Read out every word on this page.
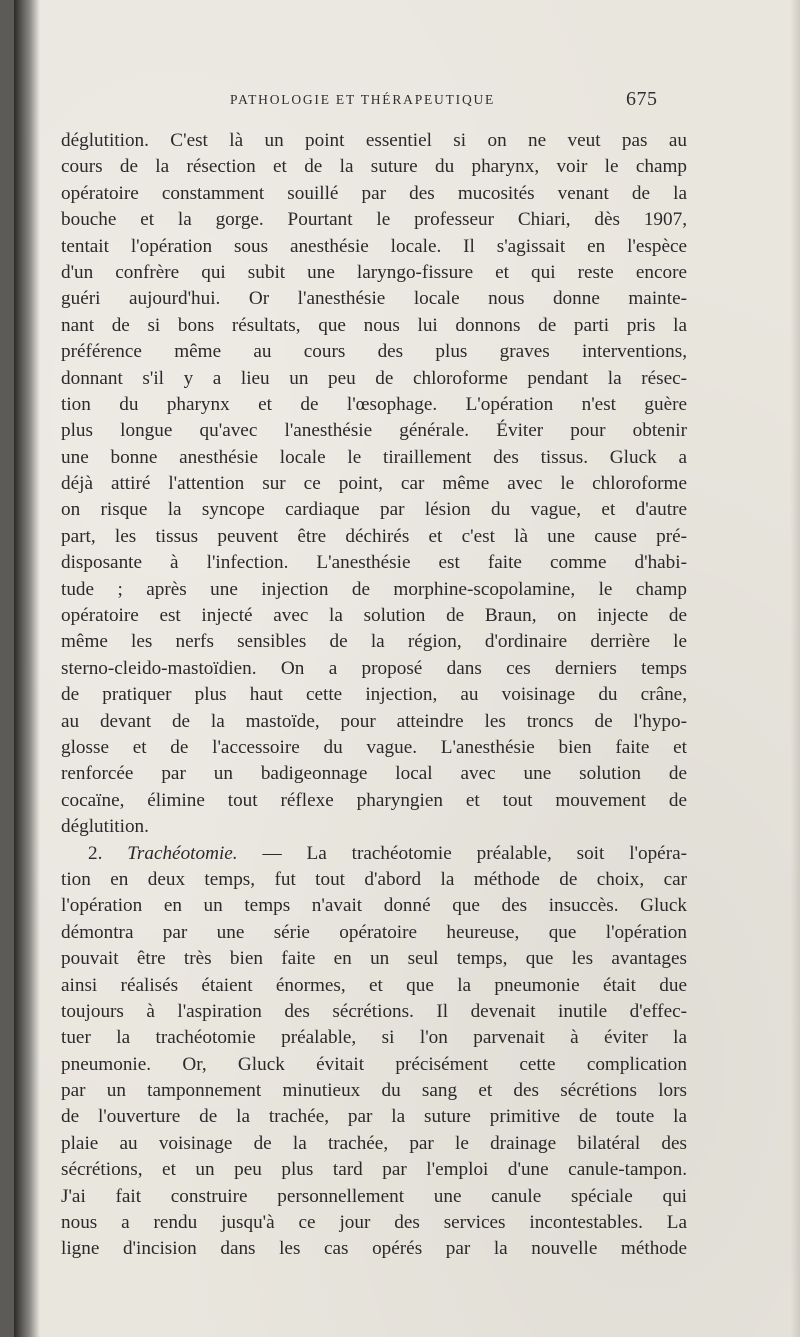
PATHOLOGIE ET THÉRAPEUTIQUE	675
déglutition. C'est là un point essentiel si on ne veut pas au
cours de la résection et de la suture du pharynx, voir le champ
opératoire constamment souillé par des mucosités venant de la
bouche et la gorge. Pourtant le professeur Chiari, dès 1907,
tentait l'opération sous anesthésie locale. Il s'agissait en l'espèce
d'un confrère qui subit une laryngo-fissure et qui reste encore
guéri aujourd'hui. Or l'anesthésie locale nous donne mainte-
nant de si bons résultats, que nous lui donnons de parti pris la
préférence même au cours des plus graves interventions,
donnant s'il y a lieu un peu de chloroforme pendant la résec-
tion du pharynx et de l'œsophage. L'opération n'est guère
plus longue qu'avec l'anesthésie générale. Éviter pour obtenir
une bonne anesthésie locale le tiraillement des tissus. Gluck a
déjà attiré l'attention sur ce point, car même avec le chloroforme
on risque la syncope cardiaque par lésion du vague, et d'autre
part, les tissus peuvent être déchirés et c'est là une cause pré-
disposante à l'infection. L'anesthésie est faite comme d'habi-
tude ; après une injection de morphine-scopolamine, le champ
opératoire est injecté avec la solution de Braun, on injecte de
même les nerfs sensibles de la région, d'ordinaire derrière le
sterno-cleido-mastoïdien. On a proposé dans ces derniers temps
de pratiquer plus haut cette injection, au voisinage du crâne,
au devant de la mastoïde, pour atteindre les troncs de l'hypo-
glosse et de l'accessoire du vague. L'anesthésie bien faite et
renforcée par un badigeonnage local avec une solution de
cocaïne, élimine tout réflexe pharyngien et tout mouvement de
déglutition.
2. Trachéotomie. — La trachéotomie préalable, soit l'opéra-
tion en deux temps, fut tout d'abord la méthode de choix, car
l'opération en un temps n'avait donné que des insuccès. Gluck
démontra par une série opératoire heureuse, que l'opération
pouvait être très bien faite en un seul temps, que les avantages
ainsi réalisés étaient énormes, et que la pneumonie était due
toujours à l'aspiration des sécrétions. Il devenait inutile d'effec-
tuer la trachéotomie préalable, si l'on parvenait à éviter la
pneumonie. Or, Gluck évitait précisément cette complication
par un tamponnement minutieux du sang et des sécrétions lors
de l'ouverture de la trachée, par la suture primitive de toute la
plaie au voisinage de la trachée, par le drainage bilatéral des
sécrétions, et un peu plus tard par l'emploi d'une canule-tampon.
J'ai fait construire personnellement une canule spéciale qui
nous a rendu jusqu'à ce jour des services incontestables. La
ligne d'incision dans les cas opérés par la nouvelle méthode
